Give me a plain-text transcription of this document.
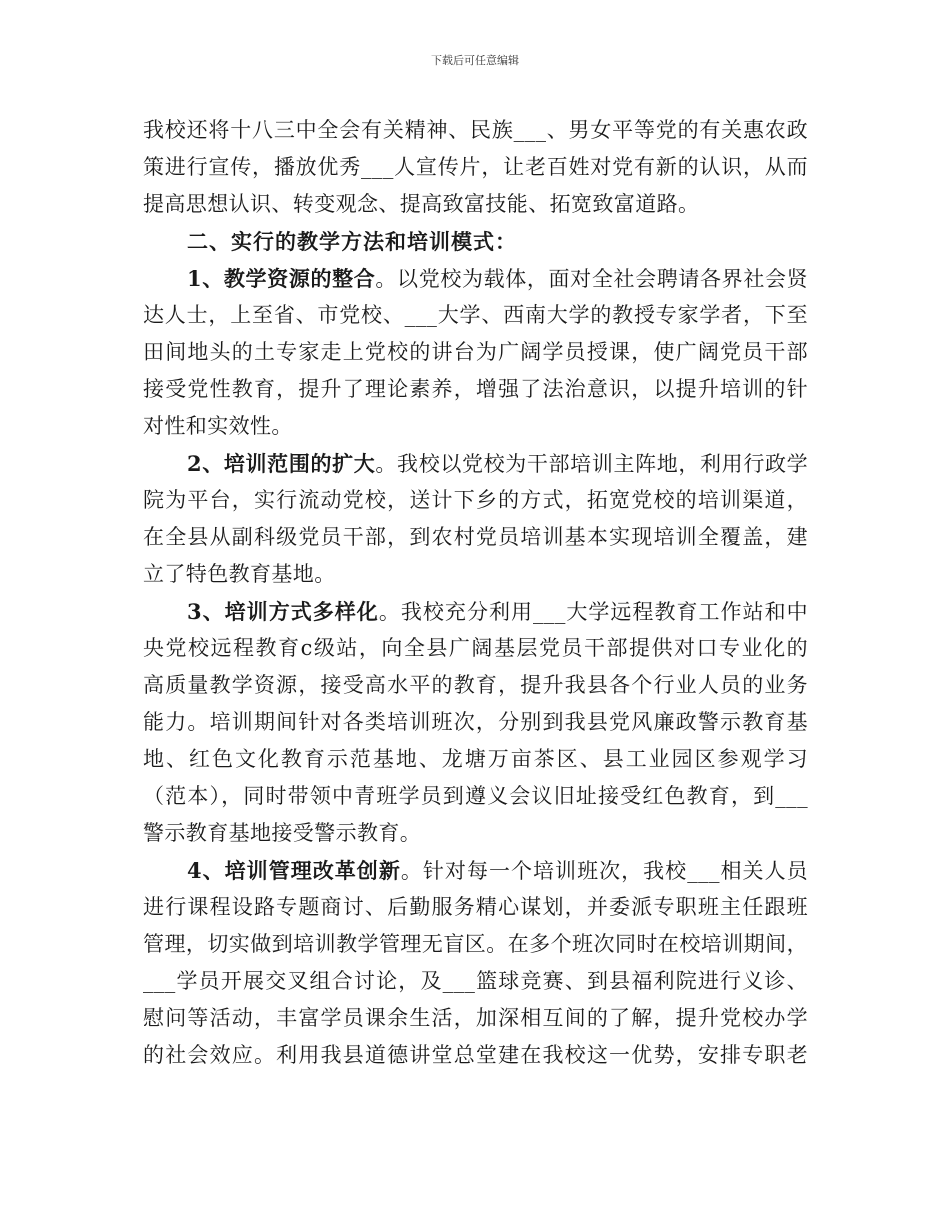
下载后可任意编辑
我校还将十八三中全会有关精神、民族___、男女平等党的有关惠农政
策进行宣传，播放优秀___人宣传片，让老百姓对党有新的认识，从而
提高思想认识、转变观念、提高致富技能、拓宽致富道路。
二、实行的教学方法和培训模式：
1、教学资源的整合。以党校为载体，面对全社会聘请各界社会贤
达人士，上至省、市党校、___大学、西南大学的教授专家学者，下至
田间地头的土专家走上党校的讲台为广阔学员授课，使广阔党员干部
接受党性教育，提升了理论素养，增强了法治意识，以提升培训的针
对性和实效性。
2、培训范围的扩大。我校以党校为干部培训主阵地，利用行政学
院为平台，实行流动党校，送计下乡的方式，拓宽党校的培训渠道，
在全县从副科级党员干部，到农村党员培训基本实现培训全覆盖，建
立了特色教育基地。
3、培训方式多样化。我校充分利用___大学远程教育工作站和中
央党校远程教育c级站，向全县广阔基层党员干部提供对口专业化的
高质量教学资源，接受高水平的教育，提升我县各个行业人员的业务
能力。培训期间针对各类培训班次，分别到我县党风廉政警示教育基
地、红色文化教育示范基地、龙塘万亩茶区、县工业园区参观学习
（范本），同时带领中青班学员到遵义会议旧址接受红色教育，到___
警示教育基地接受警示教育。
4、培训管理改革创新。针对每一个培训班次，我校___相关人员
进行课程设路专题商讨、后勤服务精心谋划，并委派专职班主任跟班
管理，切实做到培训教学管理无盲区。在多个班次同时在校培训期间，
___学员开展交叉组合讨论，及___篮球竞赛、到县福利院进行义诊、
慰问等活动，丰富学员课余生活，加深相互间的了解，提升党校办学
的社会效应。利用我县道德讲堂总堂建在我校这一优势，安排专职老
